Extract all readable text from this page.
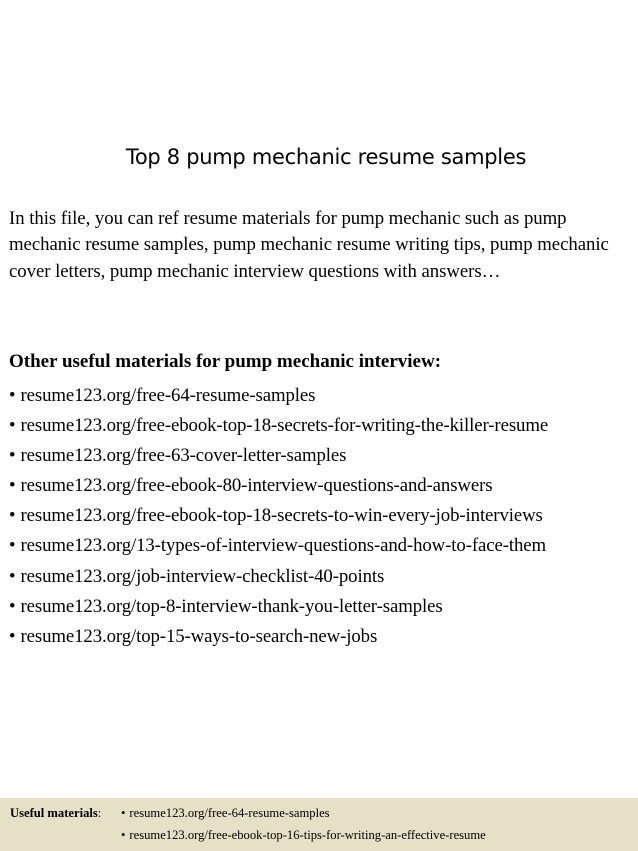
Top 8 pump mechanic resume samples
In this file, you can ref resume materials for pump mechanic such as pump mechanic resume samples, pump mechanic resume writing tips, pump mechanic cover letters, pump mechanic interview questions with answers…
Other useful materials for pump mechanic interview:
• resume123.org/free-64-resume-samples
• resume123.org/free-ebook-top-18-secrets-for-writing-the-killer-resume
• resume123.org/free-63-cover-letter-samples
• resume123.org/free-ebook-80-interview-questions-and-answers
• resume123.org/free-ebook-top-18-secrets-to-win-every-job-interviews
• resume123.org/13-types-of-interview-questions-and-how-to-face-them
• resume123.org/job-interview-checklist-40-points
• resume123.org/top-8-interview-thank-you-letter-samples
• resume123.org/top-15-ways-to-search-new-jobs
Useful materials: • resume123.org/free-64-resume-samples
• resume123.org/free-ebook-top-16-tips-for-writing-an-effective-resume
